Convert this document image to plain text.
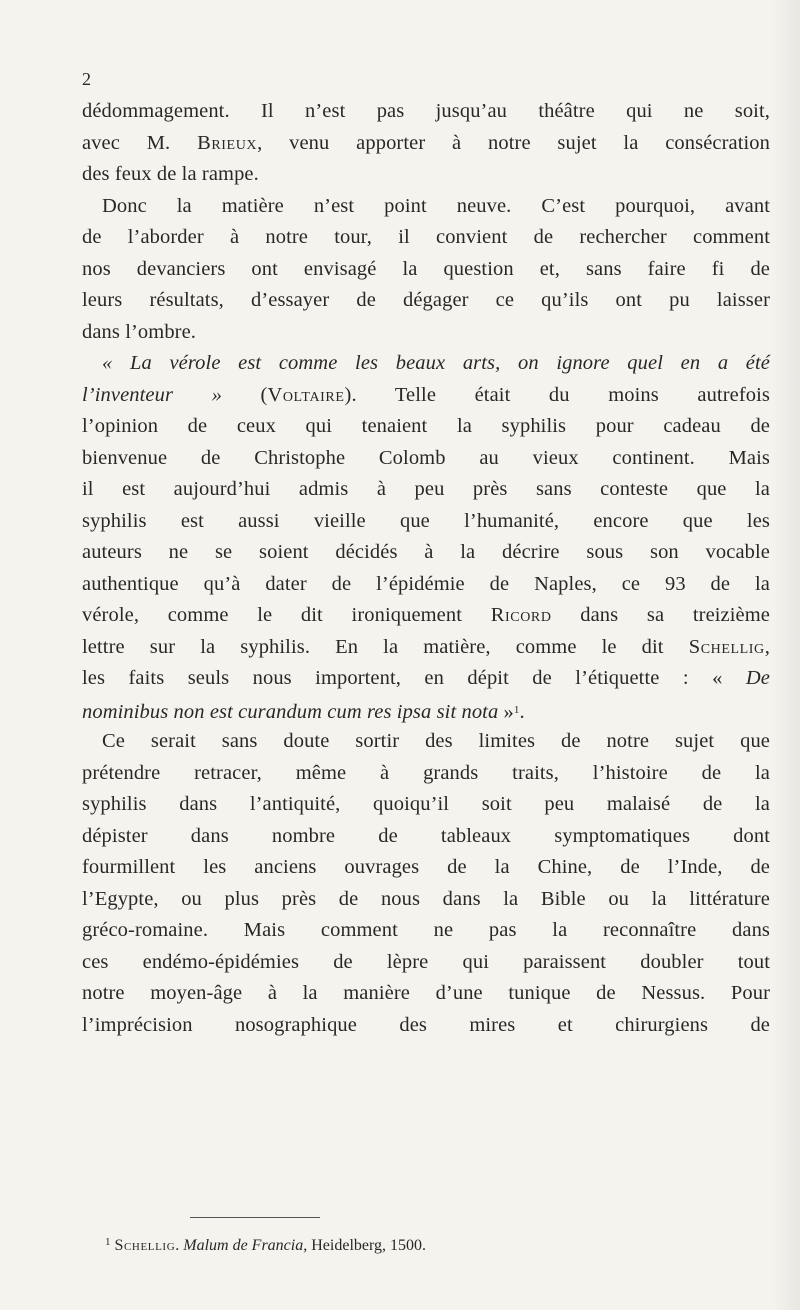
2
dédommagement. Il n’est pas jusqu’au théâtre qui ne soit,
avec M. Brieux, venu apporter à notre sujet la consécration
des feux de la rampe.
Donc la matière n’est point neuve. C’est pourquoi, avant
de l’aborder à notre tour, il convient de rechercher comment
nos devanciers ont envisagé la question et, sans faire fi de
leurs résultats, d’essayer de dégager ce qu’ils ont pu laisser
dans l’ombre.
« La vérole est comme les beaux arts, on ignore quel en a été
l’inventeur » (Voltaire). Telle était du moins autrefois
l’opinion de ceux qui tenaient la syphilis pour cadeau de
bienvenue de Christophe Colomb au vieux continent. Mais
il est aujourd’hui admis à peu près sans conteste que la
syphilis est aussi vieille que l’humanité, encore que les
auteurs ne se soient décidés à la décrire sous son vocable
authentique qu’à dater de l’épidémie de Naples, ce 93 de la
vérole, comme le dit ironiquement Ricord dans sa treizième
lettre sur la syphilis. En la matière, comme le dit Schellig,
les faits seuls nous importent, en dépit de l’étiquette : « De
nominibus non est curandum cum res ipsa sit nota »$^1$.
Ce serait sans doute sortir des limites de notre sujet que
prétendre retracer, même à grands traits, l’histoire de la
syphilis dans l’antiquité, quoiqu’il soit peu malaisé de la
dépister dans nombre de tableaux symptomatiques dont
fourmillent les anciens ouvrages de la Chine, de l’Inde, de
l’Egypte, ou plus près de nous dans la Bible ou la littérature
gréco-romaine. Mais comment ne pas la reconnaître dans
ces endémo-épidémies de lèpre qui paraissent doubler tout
notre moyen-âge à la manière d’une tunique de Nessus. Pour
l’imprécision nosographique des mires et chirurgiens de
$^1$ Schellig. Malum de Francia, Heidelberg, 1500.
